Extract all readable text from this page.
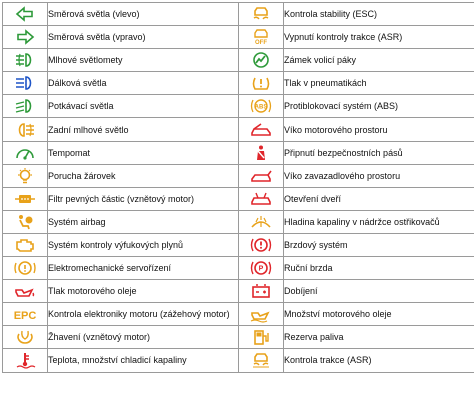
	Směrová světla (vlevo)		Kontrola stability (ESC)

	Směrová světla (vpravo)	OFF	Vypnutí kontroly trakce (ASR)

	Mlhové světlomety		Zámek volicí páky

	Dálková světla		Tlak v pneumatikách

	Potkávací světla	ABS	Protiblokovací systém (ABS)

	Zadní mlhové světlo		Víko motorového prostoru

	Tempomat		Připnutí bezpečnostních pásů

	Porucha žárovek		Víko zavazadlového prostoru

	Filtr pevných částic (vznětový motor)		Otevření dveří

	Systém airbag		Hladina kapaliny v nádržce ostřikovačů

	Systém kontroly výfukových plynů		Brzdový systém

	Elektromechanické servořízení	P	Ruční brzda

	Tlak motorového oleje		Dobíjení

EPC	Kontrola elektroniky motoru (zážehový motor)		Množství motorového oleje

	Žhavení (vznětový motor)		Rezerva paliva

	Teplota, množství chladicí kapaliny		Kontrola trakce (ASR)
